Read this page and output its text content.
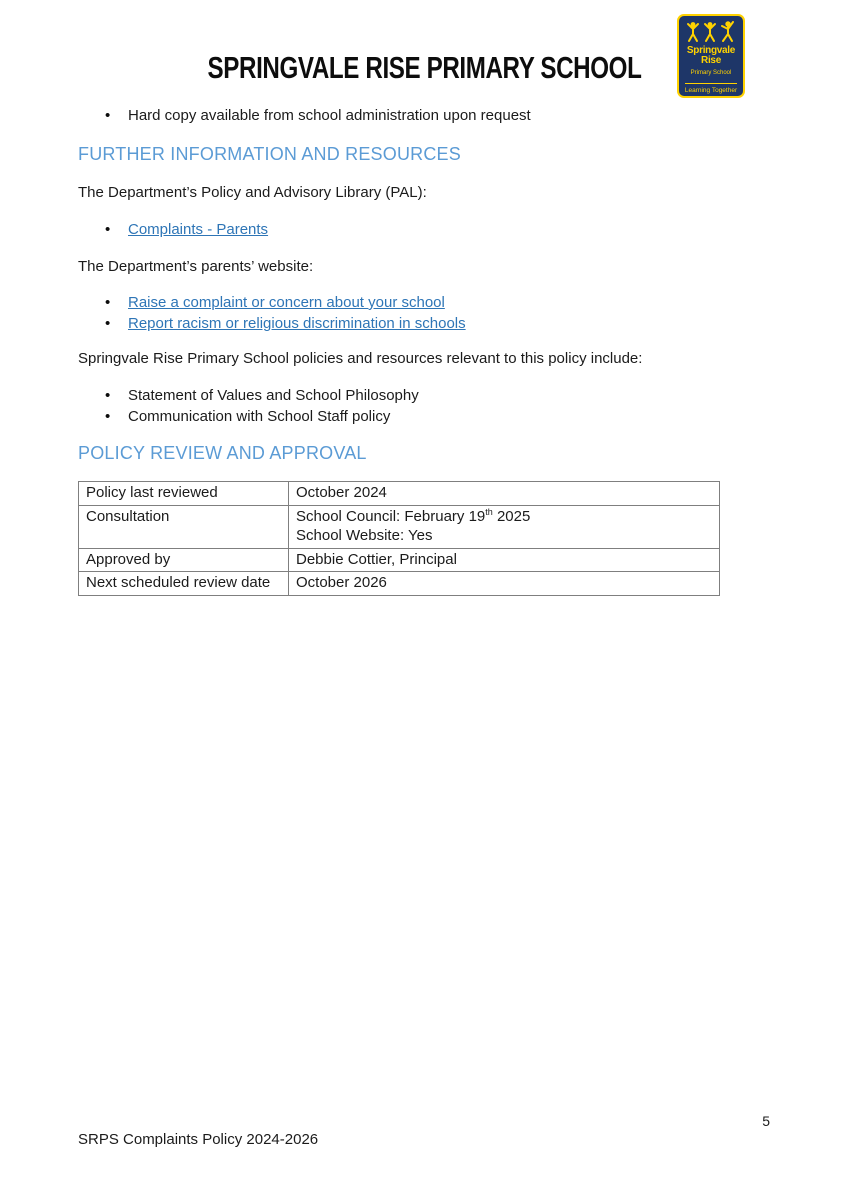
SPRINGVALE RISE PRIMARY SCHOOL	Springvale
Rise
Primary School
Learning Together
• Hard copy available from school administration upon request
FURTHER INFORMATION AND RESOURCES

The Department’s Policy and Advisory Library (PAL):

• Complaints - Parents

The Department’s parents’ website:

• Raise a complaint or concern about your school
• Report racism or religious discrimination in schools

Springvale Rise Primary School policies and resources relevant to this policy include:

• Statement of Values and School Philosophy
• Communication with School Staff policy
POLICY REVIEW AND APPROVAL
Policy last reviewed	October 2024
Consultation	School Council: February 19th 2025
School Website: Yes
Approved by	Debbie Cottier, Principal
Next scheduled review date	October 2026
SRPS Complaints Policy 2024-2026
5
